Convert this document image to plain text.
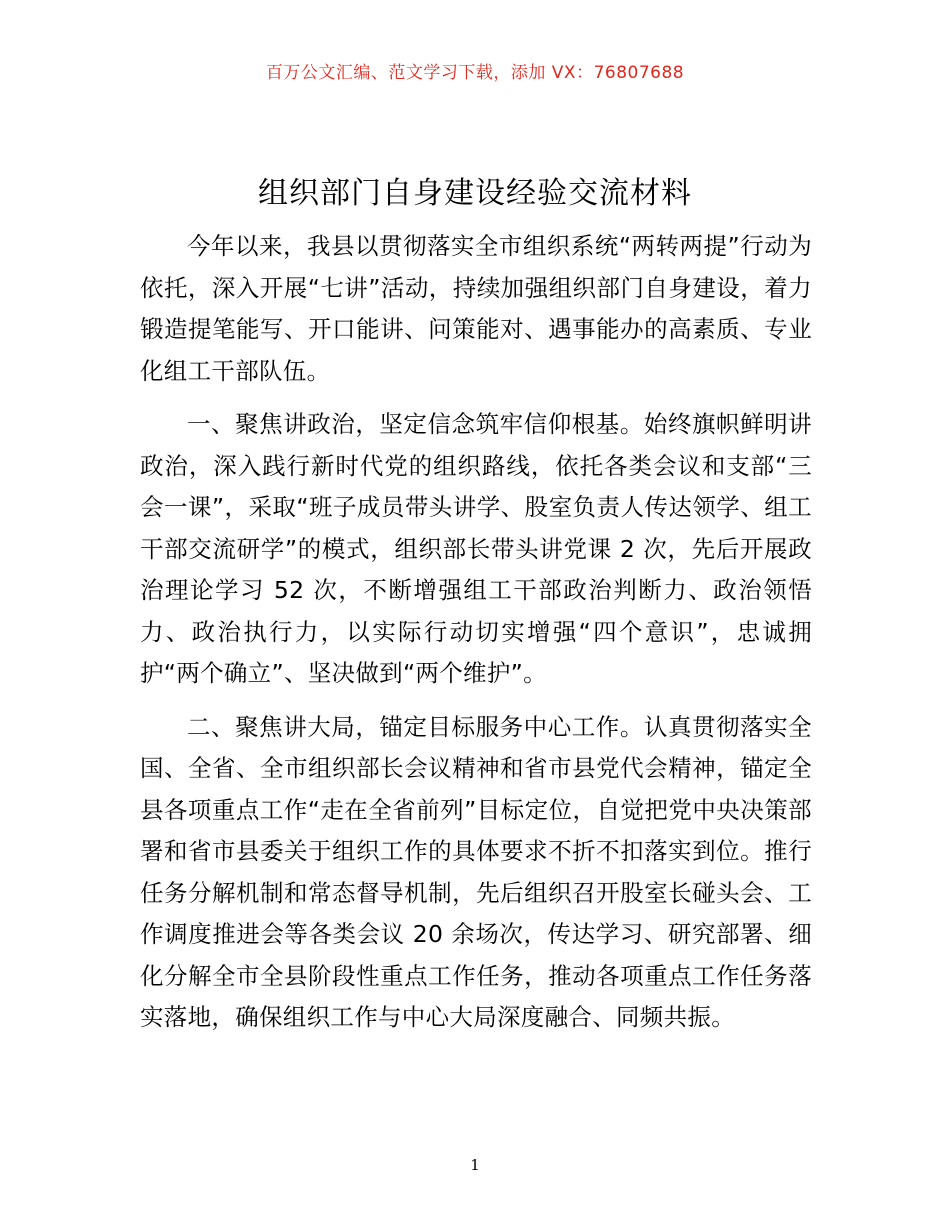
百万公文汇编、范文学习下载，添加 VX：76807688
组织部门自身建设经验交流材料

今年以来，我县以贯彻落实全市组织系统“两转两提”行动为依托，深入开展“七讲”活动，持续加强组织部门自身建设，着力锻造提笔能写、开口能讲、问策能对、遇事能办的高素质、专业化组工干部队伍。

一、聚焦讲政治，坚定信念筑牢信仰根基。始终旗帜鲜明讲政治，深入践行新时代党的组织路线，依托各类会议和支部“三会一课”，采取“班子成员带头讲学、股室负责人传达领学、组工干部交流研学”的模式，组织部长带头讲党课 2 次，先后开展政治理论学习 52 次，不断增强组工干部政治判断力、政治领悟力、政治执行力，以实际行动切实增强“四个意识”，忠诚拥护“两个确立”、坚决做到“两个维护”。

二、聚焦讲大局，锚定目标服务中心工作。认真贯彻落实全国、全省、全市组织部长会议精神和省市县党代会精神，锚定全县各项重点工作“走在全省前列”目标定位，自觉把党中央决策部署和省市县委关于组织工作的具体要求不折不扣落实到位。推行任务分解机制和常态督导机制，先后组织召开股室长碰头会、工作调度推进会等各类会议 20 余场次，传达学习、研究部署、细化分解全市全县阶段性重点工作任务，推动各项重点工作任务落实落地，确保组织工作与中心大局深度融合、同频共振。

1
